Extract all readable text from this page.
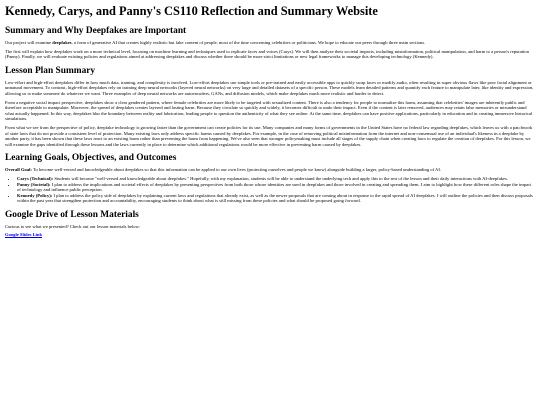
Kennedy, Carys, and Panny's CS110 Reflection and Summary Website
Summary and Why Deepfakes are Important

Our project will examine deepfakes, a form of generative AI that creates highly realistic but fake content of people, most of the time concerning celebrities or politicians. We hope to educate our peers through three main sections.

The first will explain how deepfakes work on a more technical level, focusing on machine learning and techniques used to replicate faces and voices (Carys). We will then analyze their societal impacts, including misinformation, political manipulation, and harm to a person's reputation (Panny). Finally, we will evaluate existing policies and regulations aimed at addressing deepfakes and discuss whether there should be more strict limitations or new legal frameworks to manage this developing technology (Kennedy).

Lesson Plan Summary

Low-effort and high-effort deepfakes differ in how much data, training, and complexity is involved. Low-effort deepfakes use simple tools or pre-trained and easily accessible apps to quickly swap faces or modify audio, often resulting in super obvious flaws like poor facial alignment or unnatural movement. To contrast, high-effort deepfakes rely on training deep neural networks (layered neural networks) on very large and detailed datasets of a specific person. These models learn detailed patterns and quantify each feature to manipulate later, like identity and expression, allowing us to make someone do whatever we want. Three examples of deep neural networks are autoencoders, GANs, and diffusion models, which make deepfakes much more realistic and harder to detect.

From a negative social impact perspective, deepfakes show a clear gendered pattern, where female celebrities are more likely to be targeted with sexualized content. There is also a tendency for people to normalize this harm, assuming that celebrities' images are inherently public and therefore acceptable to manipulate. Moreover, the spread of deepfakes creates layered and lasting harm. Because they circulate so quickly and widely, it becomes difficult to undo their impact. Even if the content is later removed, audiences may retain false memories or misunderstand what actually happened. In this way, deepfakes blur the boundary between reality and fabrication, leading people to question the authenticity of what they see online. At the same time, deepfakes can have positive applications, particularly in education and in creating immersive historical simulations.

From what we see from the perspective of policy, deepfake technology is growing faster than the government can create policies for its use. Many companies and many forms of governments in the United States have no federal law regarding deepfakes, which leaves us with a patchwork of state laws that do not provide a consistent level of protection. Many existing laws only address specific harms caused by deepfakes. For example, in the case of removing political misinformation from the internet and non-consensual use of an individual's likeness in a deepfake by another party, it has been shown that these laws react to an existing harm rather than preventing the harm from happening. We've also seen that stronger policymaking must include all stages of the supply chain when creating laws to regulate the creation of deepfakes. For this lesson, we will examine the gaps identified through these lessons and the laws currently in place to determine which additional regulations would be more effective in preventing harm caused by deepfakes.

Learning Goals, Objectives, and Outcomes

Overall Goal: To become well-versed and knowledgeable about deepfakes so that this information can be applied to our own lives (protecting ourselves and people we know) alongside building a larger, policy-based understanding of AI.

• Carys (Technical): Students will become "well-versed and knowledgeable about deepfakes." Hopefully, with my explanation, students will be able to understand the underlying tech and apply this to the rest of the lesson and their daily interactions with AI-deepfakes.
• Panny (Societal): I plan to address the implications and societal effects of deepfakes by presenting perspectives from both those whose identities are used in deepfakes and those involved in creating and spreading them. I aim to highlight how these different roles shape the impact of technology and influence public perception.
• Kennedy (Policy): I plan to address the policy side of deepfakes by explaining current laws and regulations that already exist, as well as the newer proposals that are coming about in response to the rapid spread of AI deepfakes. I will outline the policies and then discuss proposals within the past year that strengthen protection and accountability, encouraging students to think about what is still missing from these policies and what should be proposed going forward.
Google Drive of Lesson Materials

Curious to see what we presented? Check out our lesson materials below:

Google Slides Link
